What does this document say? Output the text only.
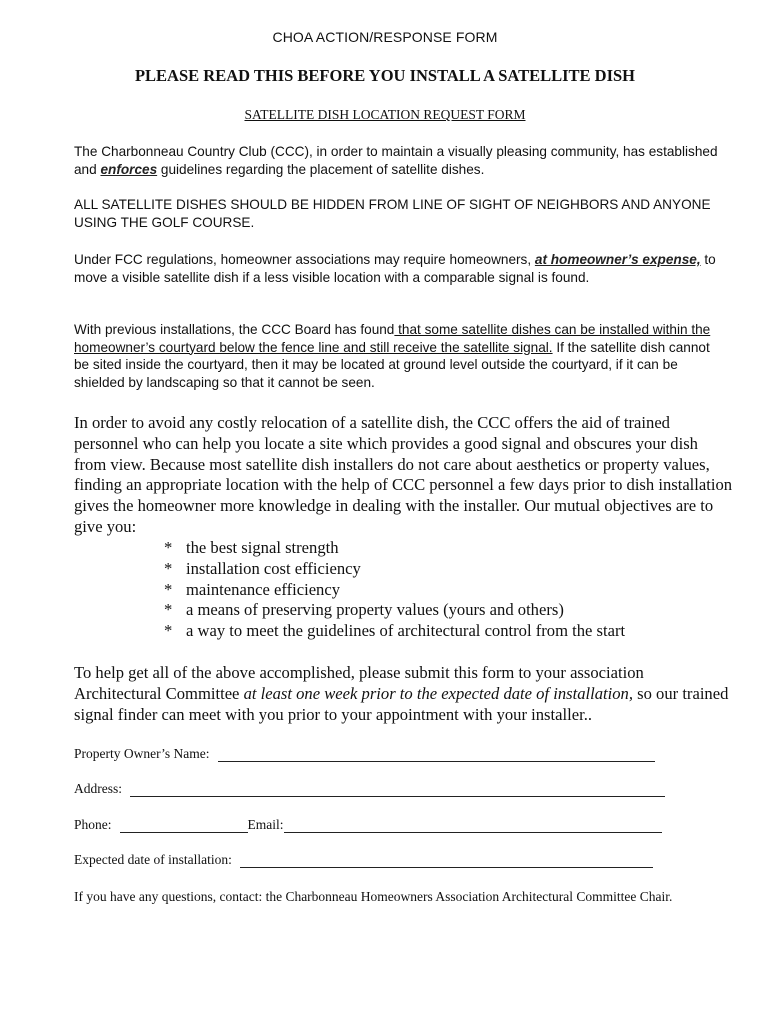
CHOA ACTION/RESPONSE FORM
PLEASE READ THIS BEFORE YOU INSTALL A SATELLITE DISH
SATELLITE DISH LOCATION REQUEST FORM

The Charbonneau Country Club (CCC), in order to maintain a visually pleasing community, has established and enforces guidelines regarding the placement of satellite dishes.

ALL SATELLITE DISHES SHOULD BE HIDDEN FROM LINE OF SIGHT OF NEIGHBORS AND ANYONE USING THE GOLF COURSE.

Under FCC regulations, homeowner associations may require homeowners, at homeowner’s expense, to move a visible satellite dish if a less visible location with a comparable signal is found.

With previous installations, the CCC Board has found that some satellite dishes can be installed within the homeowner’s courtyard below the fence line and still receive the satellite signal. If the satellite dish cannot be sited inside the courtyard, then it may be located at ground level outside the courtyard, if it can be shielded by landscaping so that it cannot be seen.

In order to avoid any costly relocation of a satellite dish, the CCC offers the aid of trained personnel who can help you locate a site which provides a good signal and obscures your dish from view. Because most satellite dish installers do not care about aesthetics or property values, finding an appropriate location with the help of CCC personnel a few days prior to dish installation gives the homeowner more knowledge in dealing with the installer. Our mutual objectives are to give you:

* the best signal strength
* installation cost efficiency
* maintenance efficiency
* a means of preserving property values (yours and others)
* a way to meet the guidelines of architectural control from the start

To help get all of the above accomplished, please submit this form to your association Architectural Committee at least one week prior to the expected date of installation, so our trained signal finder can meet with you prior to your appointment with your installer..

Property Owner’s Name:
Address:
Phone:	Email:
Expected date of installation:

If you have any questions, contact: the Charbonneau Homeowners Association Architectural Committee Chair.
